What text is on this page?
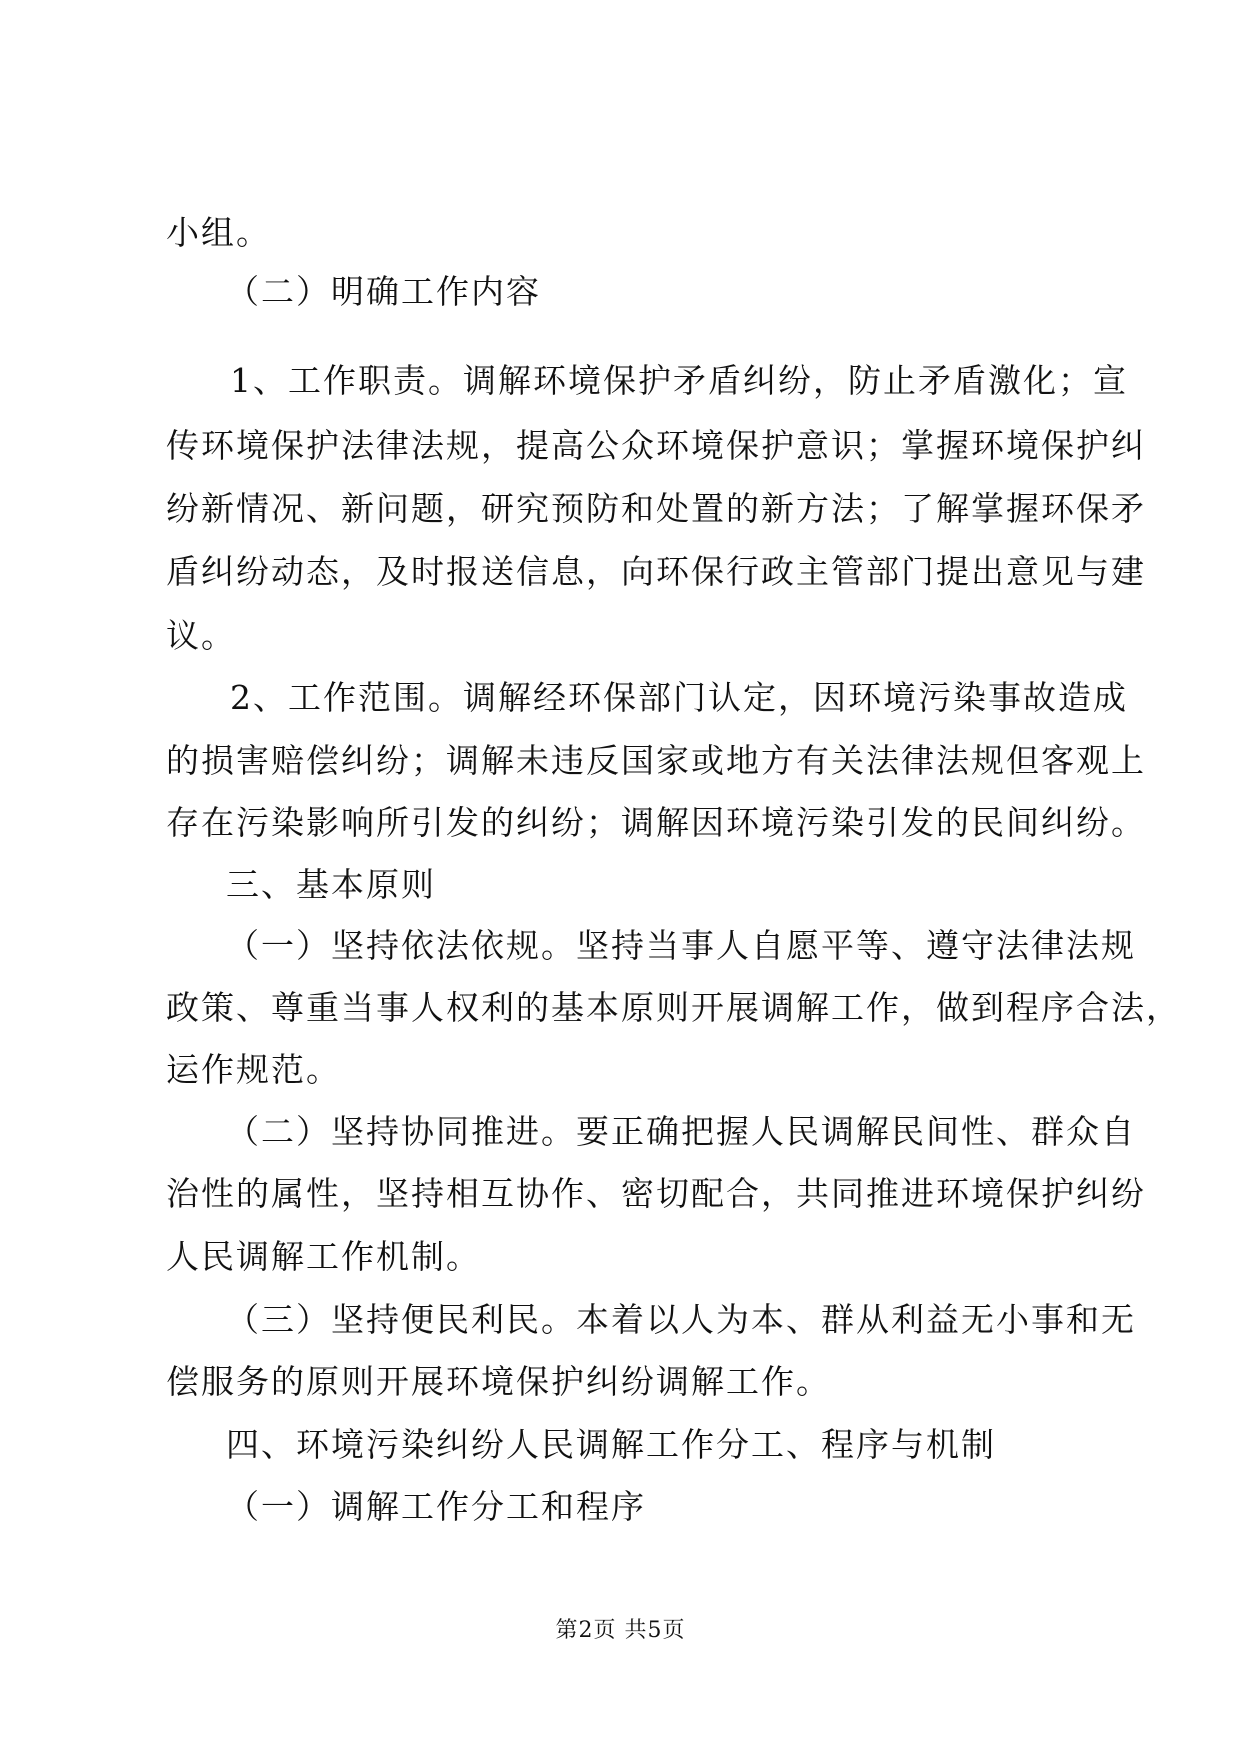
小组。
（二）明确工作内容
1、工作职责。调解环境保护矛盾纠纷，防止矛盾激化；宣
传环境保护法律法规，提高公众环境保护意识；掌握环境保护纠
纷新情况、新问题，研究预防和处置的新方法；了解掌握环保矛
盾纠纷动态，及时报送信息，向环保行政主管部门提出意见与建
议。
2、工作范围。调解经环保部门认定，因环境污染事故造成
的损害赔偿纠纷；调解未违反国家或地方有关法律法规但客观上
存在污染影响所引发的纠纷；调解因环境污染引发的民间纠纷。
三、基本原则
（一）坚持依法依规。坚持当事人自愿平等、遵守法律法规
政策、尊重当事人权利的基本原则开展调解工作，做到程序合法，
运作规范。
（二）坚持协同推进。要正确把握人民调解民间性、群众自
治性的属性，坚持相互协作、密切配合，共同推进环境保护纠纷
人民调解工作机制。
（三）坚持便民利民。本着以人为本、群从利益无小事和无
偿服务的原则开展环境保护纠纷调解工作。
四、环境污染纠纷人民调解工作分工、程序与机制
（一）调解工作分工和程序
第2页 共5页
